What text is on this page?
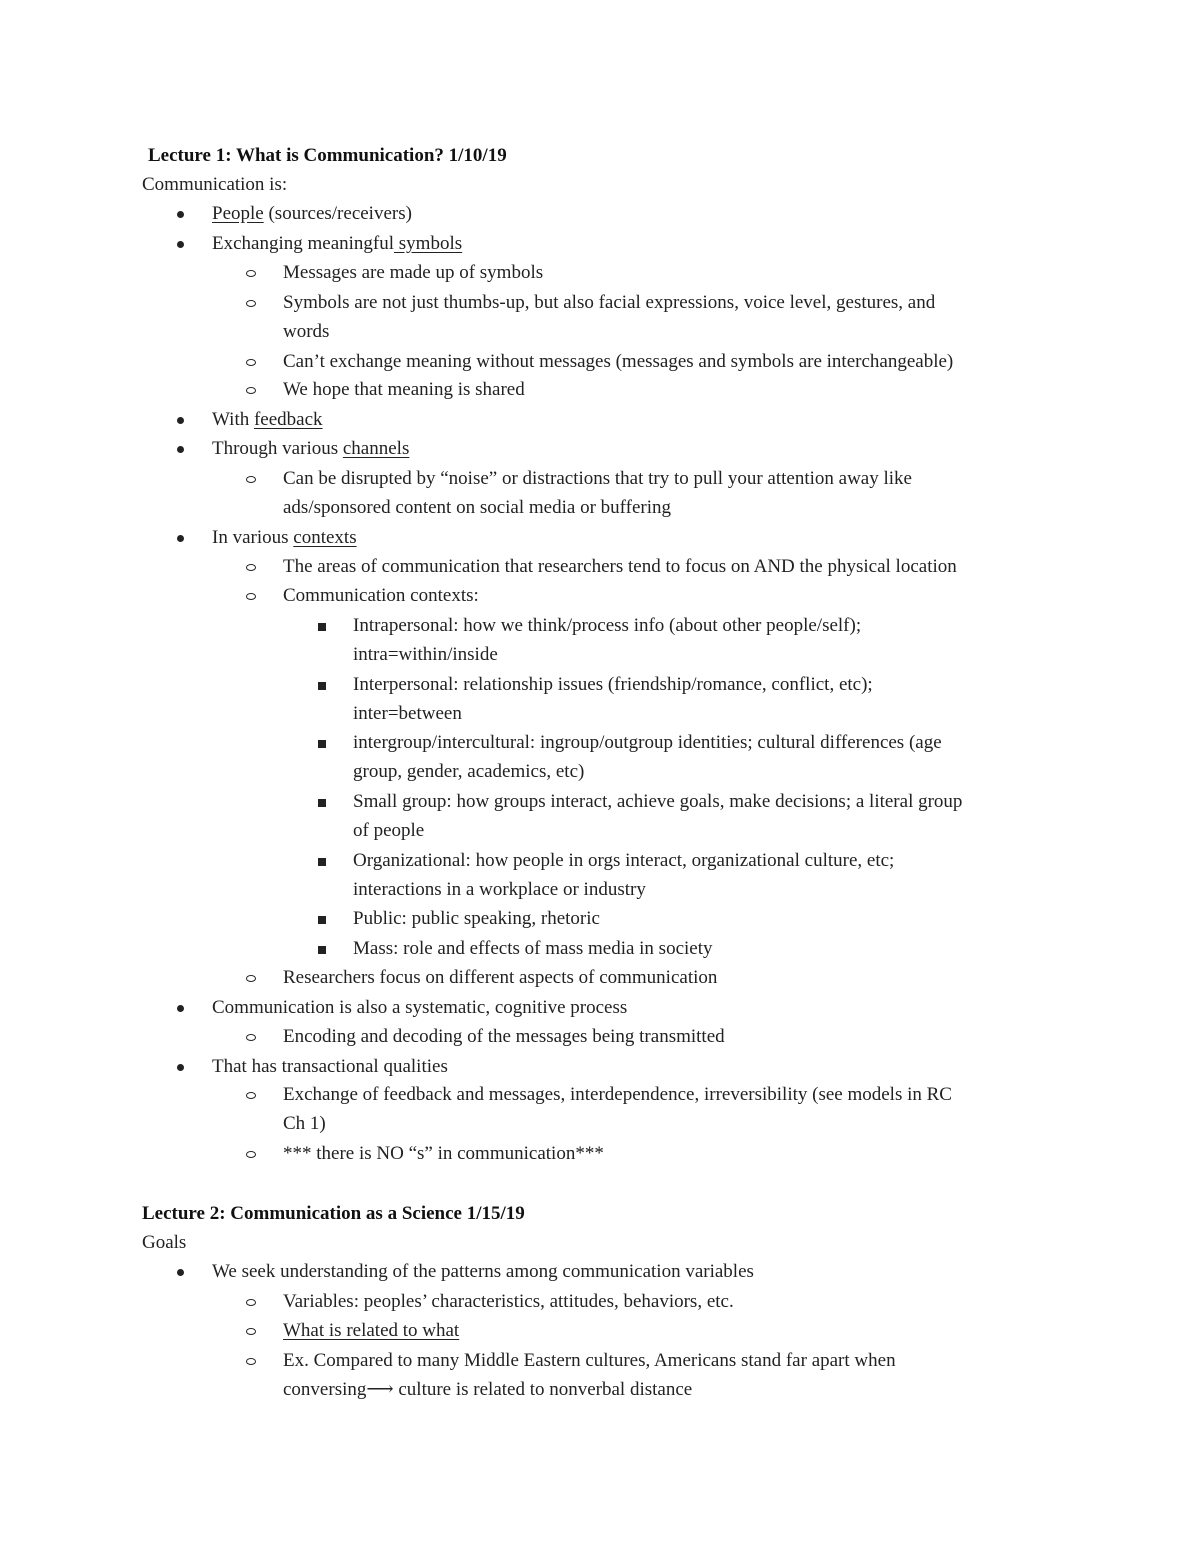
Lecture 1: What is Communication? 1/10/19
Communication is:
People (sources/receivers)
Exchanging meaningful symbols
Messages are made up of symbols
Symbols are not just thumbs-up, but also facial expressions, voice level, gestures, and
words
Can’t exchange meaning without messages (messages and symbols are interchangeable)
We hope that meaning is shared
With feedback
Through various channels
Can be disrupted by “noise” or distractions that try to pull your attention away like
ads/sponsored content on social media or buffering
In various contexts
The areas of communication that researchers tend to focus on AND the physical location
Communication contexts:
Intrapersonal: how we think/process info (about other people/self);
intra=within/inside
Interpersonal: relationship issues (friendship/romance, conflict, etc);
inter=between
intergroup/intercultural: ingroup/outgroup identities; cultural differences (age
group, gender, academics, etc)
Small group: how groups interact, achieve goals, make decisions; a literal group
of people
Organizational: how people in orgs interact, organizational culture, etc;
interactions in a workplace or industry
Public: public speaking, rhetoric
Mass: role and effects of mass media in society
Researchers focus on different aspects of communication
Communication is also a systematic, cognitive process
Encoding and decoding of the messages being transmitted
That has transactional qualities
Exchange of feedback and messages, interdependence, irreversibility (see models in RC
Ch 1)
*** there is NO “s” in communication***
Lecture 2: Communication as a Science 1/15/19
Goals
We seek understanding of the patterns among communication variables
Variables: peoples’ characteristics, attitudes, behaviors, etc.
What is related to what
Ex. Compared to many Middle Eastern cultures, Americans stand far apart when
conversing⟶ culture is related to nonverbal distance
